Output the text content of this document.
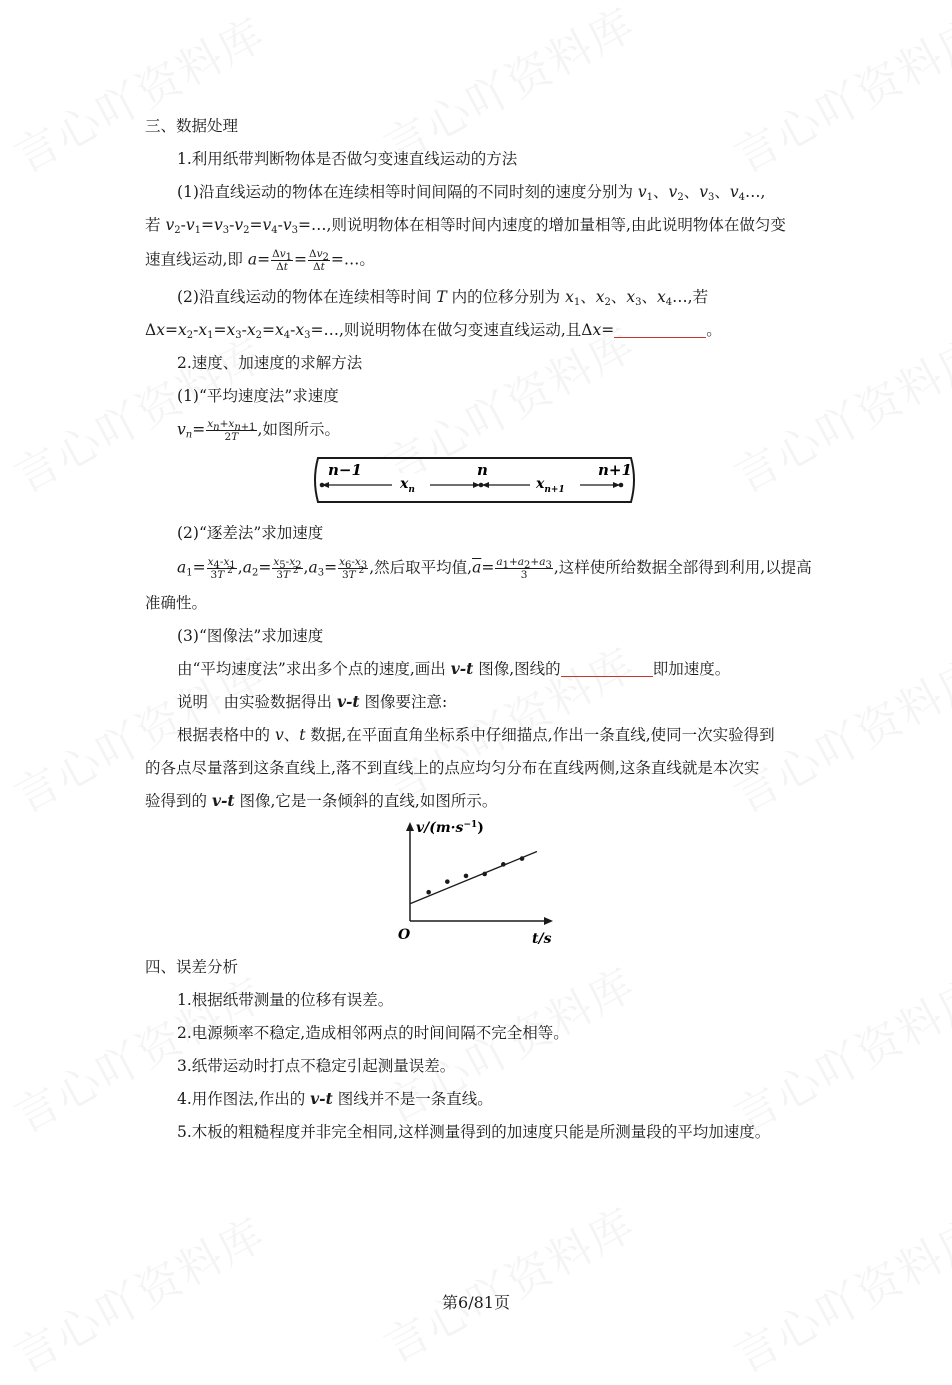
三、数据处理
1.利用纸带判断物体是否做匀变速直线运动的方法
(1)沿直线运动的物体在连续相等时间间隔的不同时刻的速度分别为 $v_1$、$v_2$、$v_3$、$v_4\dots$,
若 $v_2-v_1=v_3-v_2=v_4-v_3=\dots$,则说明物体在相等时间内速度的增加量相等,由此说明物体在做匀变
速直线运动,即 $a= \frac{\Delta v_1}{\Delta t} = \frac{\Delta v_2}{\Delta t}$ =…。
(2)沿直线运动的物体在连续相等时间 T 内的位移分别为 $x_1$、$x_2$、$x_3$、$x_4\dots$,若
$\Delta x=x_2-x_1=x_3-x_2=x_4-x_3=\dots$,则说明物体在做匀变速直线运动,且Δx=	。
2.速度、加速度的求解方法
(1)“平均速度法”求速度
$v_n= \frac{x_n+x_{n+1}}{2T}$ ,如图所示。
n−1	n	n+1
$x_n$	$x_{n+1}$
(2)“逐差法”求加速度
$a_1= \frac{x_4-x_1}{3T ^2} ,a_2= \frac{x_5-x_2}{3T ^2} ,a_3= \frac{x_6-x_3}{3T ^2}$ ,然后取平均值$,\overline{a}= \frac{a_1+a_2+a_3}{3}$ ,这样使所给数据全部得到利用,以提高
准确性。
(3)“图像法”求加速度
由“平均速度法”求出多个点的速度,画出 v-t 图像,图线的	即加速度。
说明　由实验数据得出 v-t 图像要注意:
根据表格中的 v、t 数据,在平面直角坐标系中仔细描点,作出一条直线,使同一次实验得到
的各点尽量落到这条直线上,落不到直线上的点应均匀分布在直线两侧,这条直线就是本次实
验得到的 v-t 图像,它是一条倾斜的直线,如图所示。
$v/(m\cdot s^{-1})$
t/s
O
四、误差分析
1.根据纸带测量的位移有误差。
2.电源频率不稳定,造成相邻两点的时间间隔不完全相等。
3.纸带运动时打点不稳定引起测量误差。
4.用作图法,作出的 v-t 图线并不是一条直线。
5.木板的粗糙程度并非完全相同,这样测量得到的加速度只能是所测量段的平均加速度。
第6/81页
